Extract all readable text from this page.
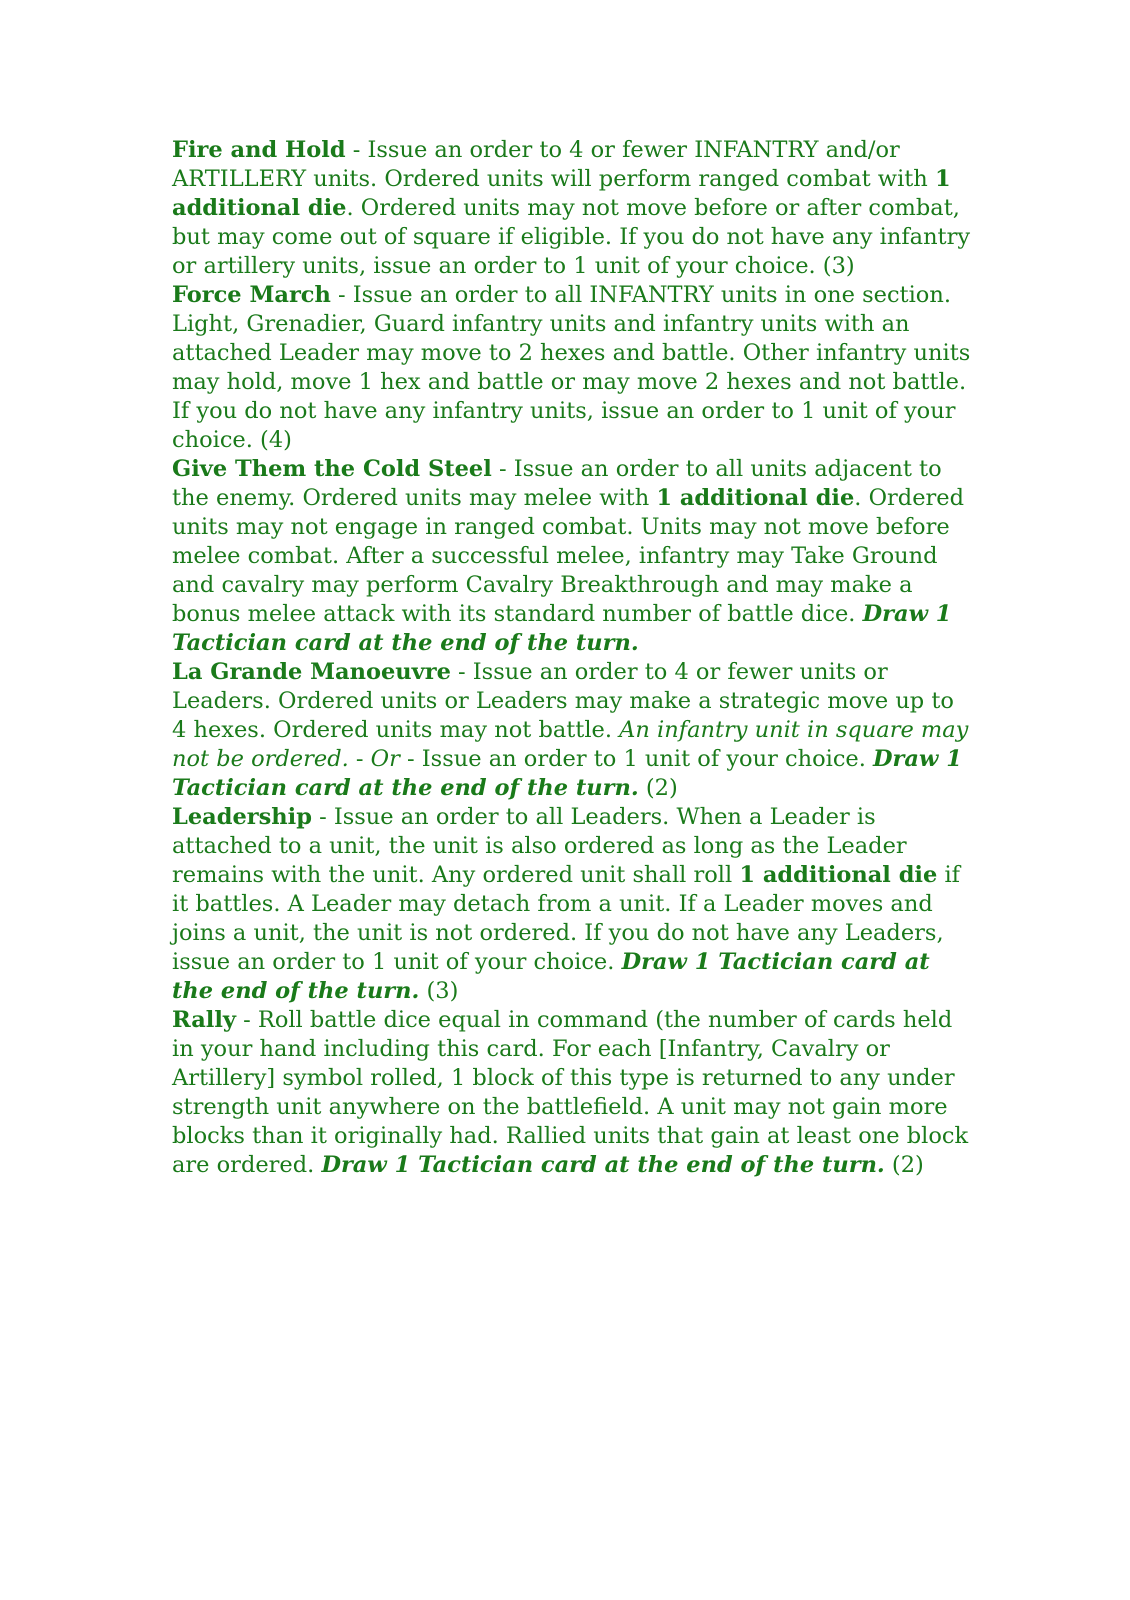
Fire and Hold - Issue an order to 4 or fewer INFANTRY and/or ARTILLERY units. Ordered units will perform ranged combat with 1 additional die. Ordered units may not move before or after combat, but may come out of square if eligible. If you do not have any infantry or artillery units, issue an order to 1 unit of your choice. (3)

Force March - Issue an order to all INFANTRY units in one section. Light, Grenadier, Guard infantry units and infantry units with an attached Leader may move to 2 hexes and battle. Other infantry units may hold, move 1 hex and battle or may move 2 hexes and not battle. If you do not have any infantry units, issue an order to 1 unit of your choice. (4)

Give Them the Cold Steel - Issue an order to all units adjacent to the enemy. Ordered units may melee with 1 additional die. Ordered units may not engage in ranged combat. Units may not move before melee combat. After a successful melee, infantry may Take Ground and cavalry may perform Cavalry Breakthrough and may make a bonus melee attack with its standard number of battle dice. Draw 1 Tactician card at the end of the turn.

La Grande Manoeuvre - Issue an order to 4 or fewer units or Leaders. Ordered units or Leaders may make a strategic move up to 4 hexes. Ordered units may not battle. An infantry unit in square may not be ordered. - Or - Issue an order to 1 unit of your choice. Draw 1 Tactician card at the end of the turn. (2)

Leadership - Issue an order to all Leaders. When a Leader is attached to a unit, the unit is also ordered as long as the Leader remains with the unit. Any ordered unit shall roll 1 additional die if it battles. A Leader may detach from a unit. If a Leader moves and joins a unit, the unit is not ordered. If you do not have any Leaders, issue an order to 1 unit of your choice. Draw 1 Tactician card at the end of the turn. (3)

Rally - Roll battle dice equal in command (the number of cards held in your hand including this card. For each [Infantry, Cavalry or Artillery] symbol rolled, 1 block of this type is returned to any under strength unit anywhere on the battlefield. A unit may not gain more blocks than it originally had. Rallied units that gain at least one block are ordered. Draw 1 Tactician card at the end of the turn. (2)
